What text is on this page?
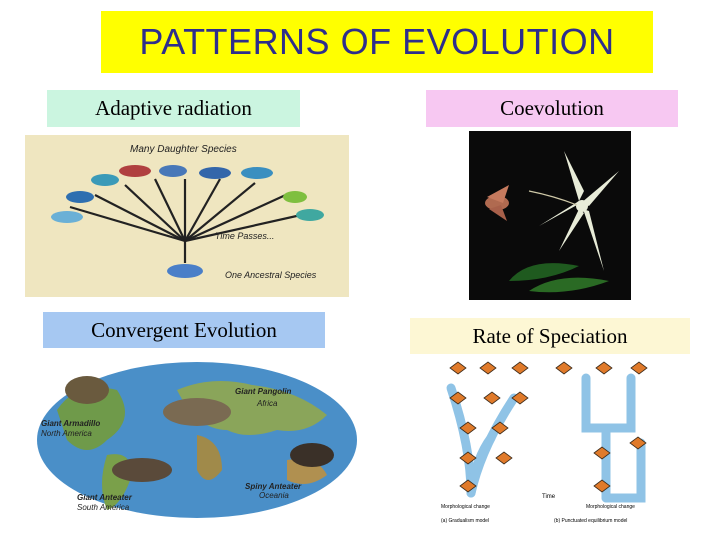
PATTERNS OF EVOLUTION
Adaptive radiation	Coevolution
Convergent Evolution	Rate of Speciation
Many Daughter Species
Time Passes...
One Ancestral Species
Giant Pangolin
Africa
Giant Armadillo
North America
Giant Anteater
South America
Spiny Anteater
Oceania	Time
Morphological change	Morphological change
(a) Gradualism model	(b) Punctuated equilibrium model
